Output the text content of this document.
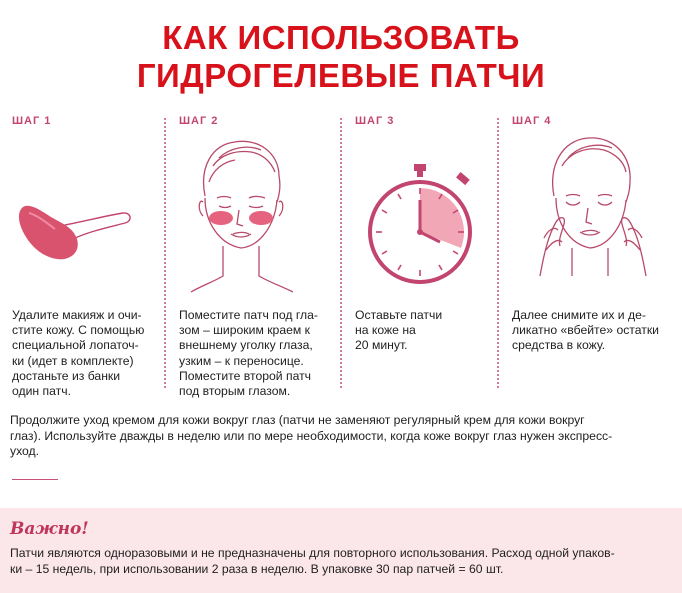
КАК ИСПОЛЬЗОВАТЬ
ГИДРОГЕЛЕВЫЕ ПАТЧИ
ШАГ 1
Удалите макияж и очи-
стите кожу. С помощью
специальной лопаточ-
ки (идет в комплекте)
достаньте из банки
один патч.
ШАГ 2
Поместите патч под гла-
зом – широким краем к
внешнему уголку глаза,
узким – к переносице.
Поместите второй патч
под вторым глазом.
ШАГ 3
Оставьте патчи
на коже на
20 минут.
ШАГ 4
Далее снимите их и де-
ликатно «вбейте» остатки
средства в кожу.
Продолжите уход кремом для кожи вокруг глаз (патчи не заменяют регулярный крем для кожи вокруг
глаз). Используйте дважды в неделю или по мере необходимости, когда коже вокруг глаз нужен экспресс-
уход.
Важно!
Патчи являются одноразовыми и не предназначены для повторного использования. Расход одной упаков-
ки – 15 недель, при использовании 2 раза в неделю. В упаковке 30 пар патчей = 60 шт.
